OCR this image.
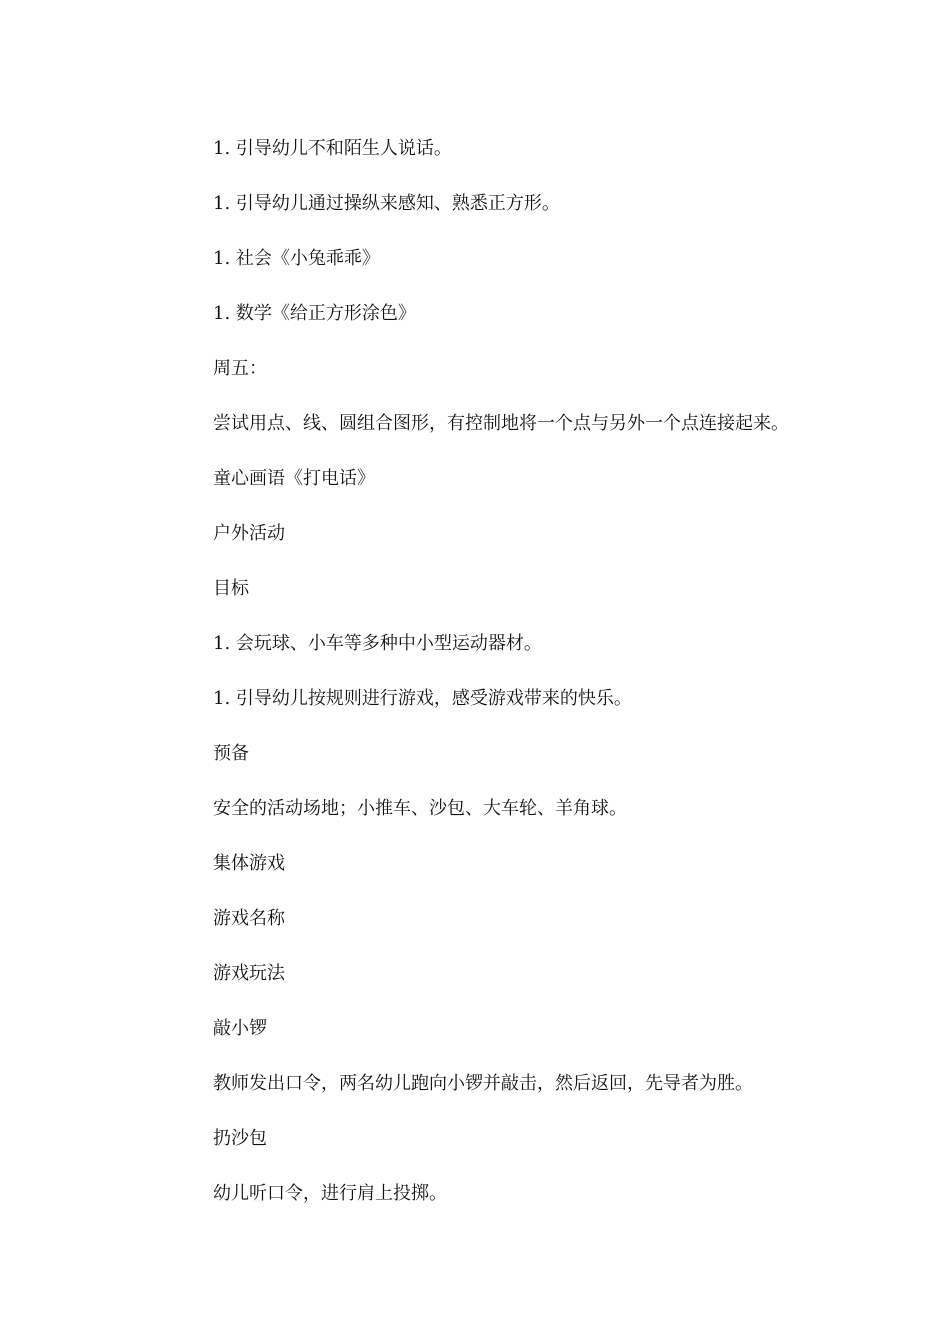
1. 引导幼儿不和陌生人说话。
1. 引导幼儿通过操纵来感知、熟悉正方形。
1. 社会《小兔乖乖》
1. 数学《给正方形涂色》
周五：
尝试用点、线、圆组合图形，有控制地将一个点与另外一个点连接起来。
童心画语《打电话》
户外活动
目标
1. 会玩球、小车等多种中小型运动器材。
1. 引导幼儿按规则进行游戏，感受游戏带来的快乐。
预备
安全的活动场地；小推车、沙包、大车轮、羊角球。
集体游戏
游戏名称
游戏玩法
敲小锣
教师发出口令，两名幼儿跑向小锣并敲击，然后返回，先导者为胜。
扔沙包
幼儿听口令，进行肩上投掷。
